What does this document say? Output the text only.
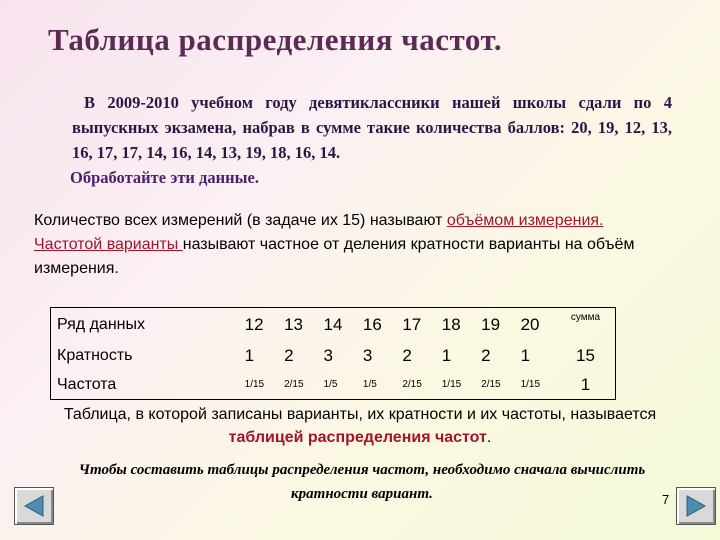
Таблица распределения частот.
В 2009-2010 учебном году девятиклассники нашей школы сдали по 4 выпускных экзамена, набрав в сумме такие количества баллов: 20, 19, 12, 13, 16, 17, 17, 14, 16, 14, 13, 19, 18, 16, 14.
Обработайте эти данные.
Количество всех измерений (в задаче их 15) называют объёмом измерения.
Частотой варианты называют частное от деления кратности варианты на объём измерения.
Ряд данных	12	13	14	16	17	18	19	20	сумма
Кратность	1	2	3	3	2	1	2	1	15
Частота	1/15	2/15	1/5	1/5	2/15	1/15	2/15	1/15	1
Таблица, в которой записаны варианты, их кратности и их частоты, называется таблицей распределения частот.
Чтобы составить таблицы распределения частот, необходимо сначала вычислить кратности вариант.	7
